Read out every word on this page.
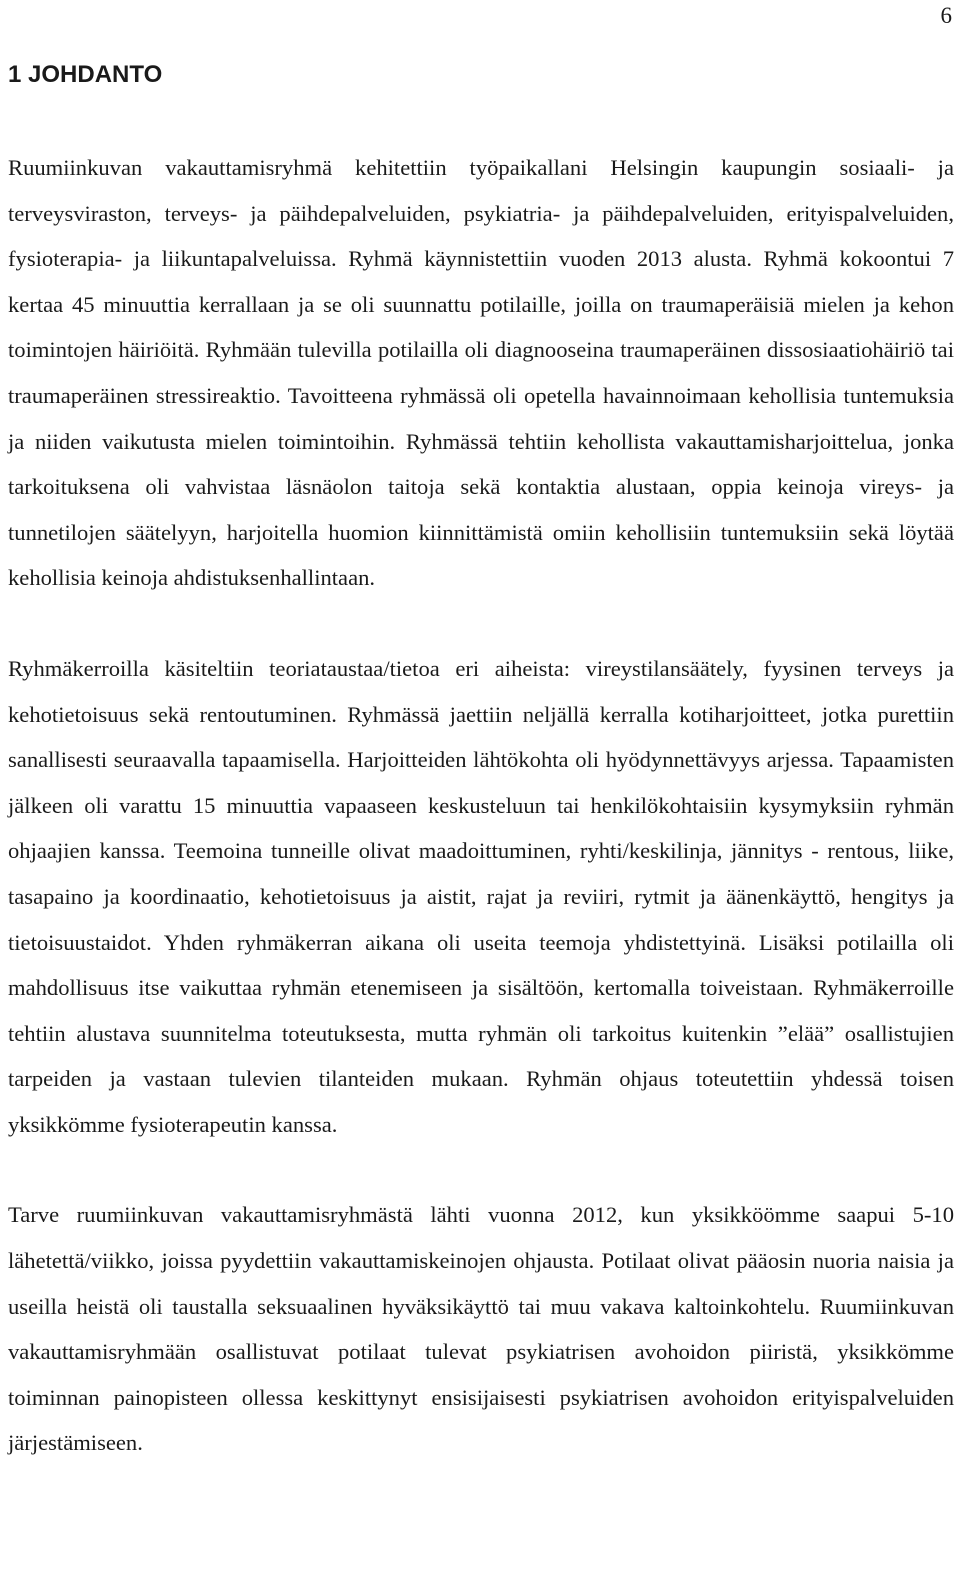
6
1 JOHDANTO

Ruumiinkuvan vakauttamisryhmä kehitettiin työpaikallani Helsingin kaupungin sosiaali- ja terveysviraston, terveys- ja päihdepalveluiden, psykiatria- ja päihdepalveluiden, erityispalveluiden, fysioterapia- ja liikuntapalveluissa. Ryhmä käynnistettiin vuoden 2013 alusta. Ryhmä kokoontui 7 kertaa 45 minuuttia kerrallaan ja se oli suunnattu potilaille, joilla on traumaperäisiä mielen ja kehon toimintojen häiriöitä. Ryhmään tulevilla potilailla oli diagnooseina traumaperäinen dissosiaatiohäiriö tai traumaperäinen stressireaktio. Tavoitteena ryhmässä oli opetella havainnoimaan kehollisia tuntemuksia ja niiden vaikutusta mielen toimintoihin. Ryhmässä tehtiin kehollista vakauttamisharjoittelua, jonka tarkoituksena oli vahvistaa läsnäolon taitoja sekä kontaktia alustaan, oppia keinoja vireys- ja tunnetilojen säätelyyn, harjoitella huomion kiinnittämistä omiin kehollisiin tuntemuksiin sekä löytää kehollisia keinoja ahdistuksenhallintaan.

Ryhmäkerroilla käsiteltiin teoriataustaa/tietoa eri aiheista: vireystilansäätely, fyysinen terveys ja kehotietoisuus sekä rentoutuminen. Ryhmässä jaettiin neljällä kerralla kotiharjoitteet, jotka purettiin sanallisesti seuraavalla tapaamisella. Harjoitteiden lähtökohta oli hyödynnettävyys arjessa. Tapaamisten jälkeen oli varattu 15 minuuttia vapaaseen keskusteluun tai henkilökohtaisiin kysymyksiin ryhmän ohjaajien kanssa. Teemoina tunneille olivat maadoittuminen, ryhti/keskilinja, jännitys - rentous, liike, tasapaino ja koordinaatio, kehotietoisuus ja aistit, rajat ja reviiri, rytmit ja äänenkäyttö, hengitys ja tietoisuustaidot. Yhden ryhmäkerran aikana oli useita teemoja yhdistettyinä. Lisäksi potilailla oli mahdollisuus itse vaikuttaa ryhmän etenemiseen ja sisältöön, kertomalla toiveistaan. Ryhmäkerroille tehtiin alustava suunnitelma toteutuksesta, mutta ryhmän oli tarkoitus kuitenkin ”elää” osallistujien tarpeiden ja vastaan tulevien tilanteiden mukaan. Ryhmän ohjaus toteutettiin yhdessä toisen yksikkömme fysioterapeutin kanssa.

Tarve ruumiinkuvan vakauttamisryhmästä lähti vuonna 2012, kun yksikköömme saapui 5-10 lähetettä/viikko, joissa pyydettiin vakauttamiskeinojen ohjausta. Potilaat olivat pääosin nuoria naisia ja useilla heistä oli taustalla seksuaalinen hyväksikäyttö tai muu vakava kaltoinkohtelu. Ruumiinkuvan vakauttamisryhmään osallistuvat potilaat tulevat psykiatrisen avohoidon piiristä, yksikkömme toiminnan painopisteen ollessa keskittynyt ensisijaisesti psykiatrisen avohoidon erityispalveluiden järjestämiseen.
